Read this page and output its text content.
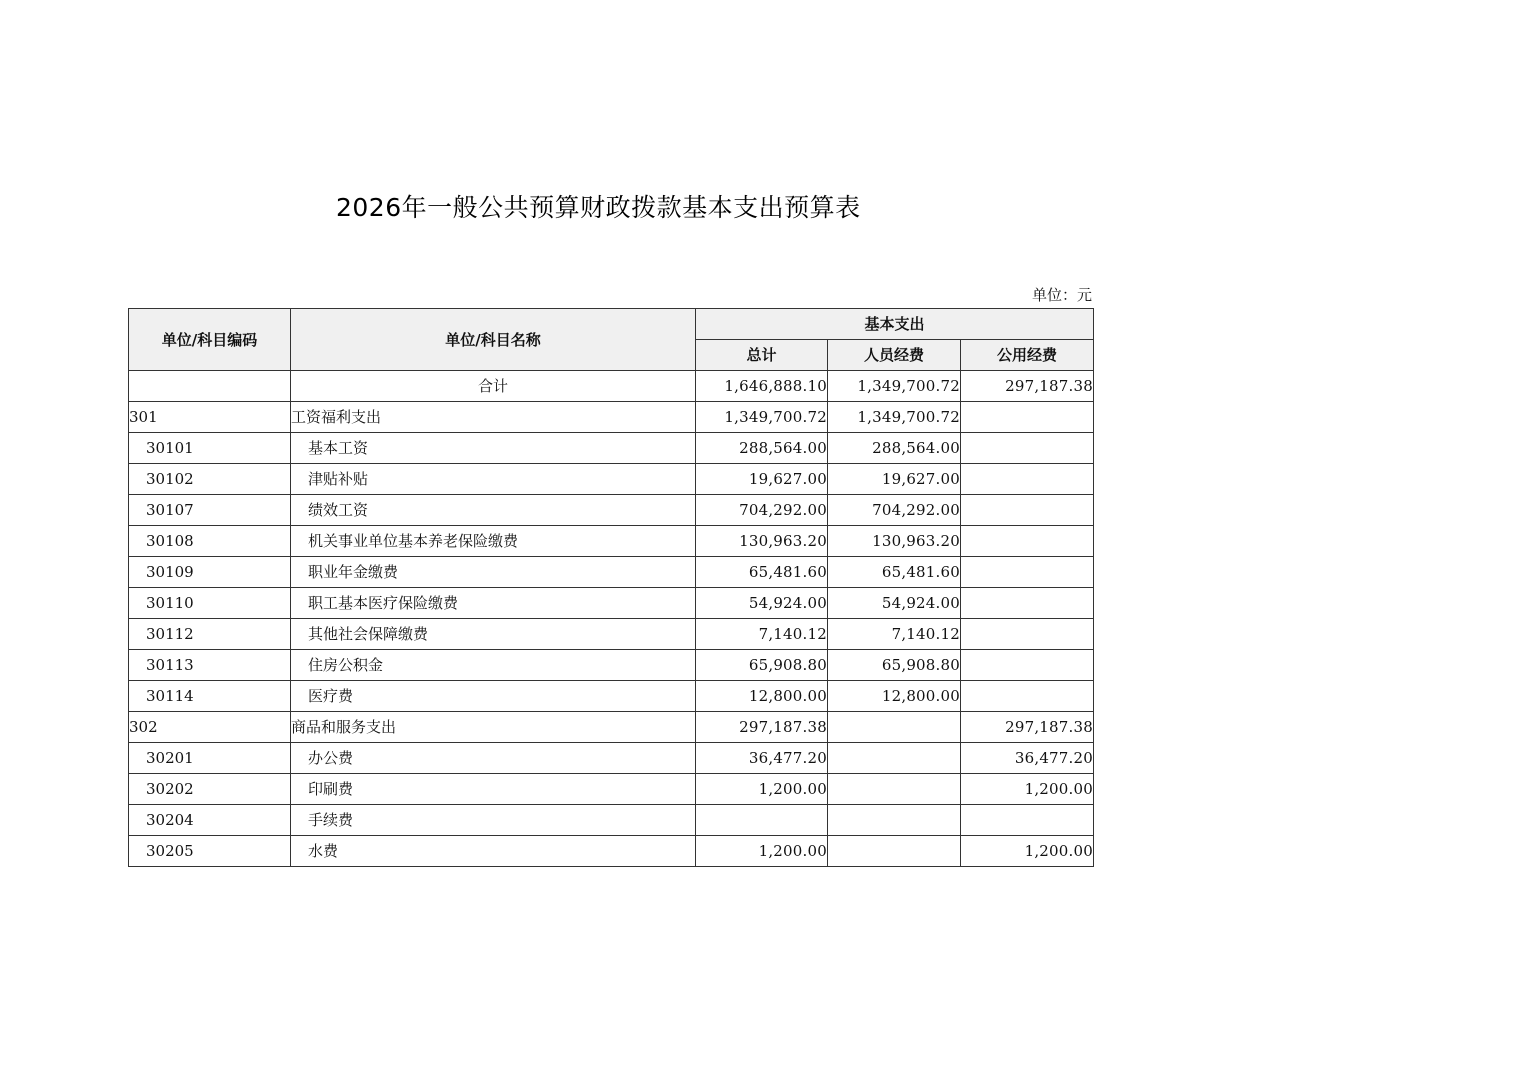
2026年一般公共预算财政拨款基本支出预算表
单位：元
单位/科目编码	单位/科目名称	基本支出		
		总计	人员经费	公用经费
	合计	1,646,888.10	1,349,700.72	297,187.38
301	工资福利支出	1,349,700.72	1,349,700.72	
30101	基本工资	288,564.00	288,564.00	
30102	津贴补贴	19,627.00	19,627.00	
30107	绩效工资	704,292.00	704,292.00	
30108	机关事业单位基本养老保险缴费	130,963.20	130,963.20	
30109	职业年金缴费	65,481.60	65,481.60	
30110	职工基本医疗保险缴费	54,924.00	54,924.00	
30112	其他社会保障缴费	7,140.12	7,140.12	
30113	住房公积金	65,908.80	65,908.80	
30114	医疗费	12,800.00	12,800.00	
302	商品和服务支出	297,187.38		297,187.38
30201	办公费	36,477.20		36,477.20
30202	印刷费	1,200.00		1,200.00
30204	手续费			
30205	水费	1,200.00		1,200.00
